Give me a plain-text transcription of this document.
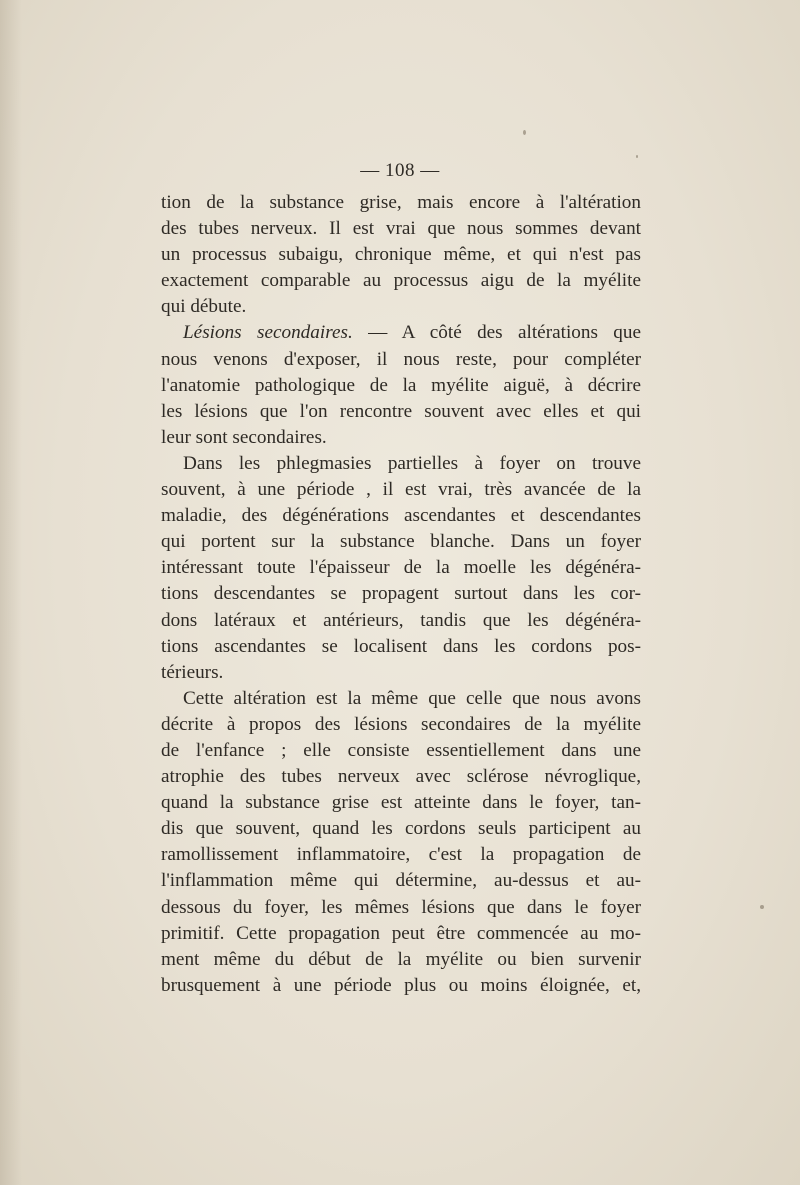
— 108 —
tion de la substance grise, mais encore à l'altération
des tubes nerveux. Il est vrai que nous sommes devant
un processus subaigu, chronique même, et qui n'est pas
exactement comparable au processus aigu de la myélite
qui débute.
Lésions secondaires. — A côté des altérations que
nous venons d'exposer, il nous reste, pour compléter
l'anatomie pathologique de la myélite aiguë, à décrire
les lésions que l'on rencontre souvent avec elles et qui
leur sont secondaires.
Dans les phlegmasies partielles à foyer on trouve
souvent, à une période , il est vrai, très avancée de la
maladie, des dégénérations ascendantes et descendantes
qui portent sur la substance blanche. Dans un foyer
intéressant toute l'épaisseur de la moelle les dégénéra-
tions descendantes se propagent surtout dans les cor-
dons latéraux et antérieurs, tandis que les dégénéra-
tions ascendantes se localisent dans les cordons pos-
térieurs.
Cette altération est la même que celle que nous avons
décrite à propos des lésions secondaires de la myélite
de l'enfance ; elle consiste essentiellement dans une
atrophie des tubes nerveux avec sclérose névroglique,
quand la substance grise est atteinte dans le foyer, tan-
dis que souvent, quand les cordons seuls participent au
ramollissement inflammatoire, c'est la propagation de
l'inflammation même qui détermine, au-dessus et au-
dessous du foyer, les mêmes lésions que dans le foyer
primitif. Cette propagation peut être commencée au mo-
ment même du début de la myélite ou bien survenir
brusquement à une période plus ou moins éloignée, et,
